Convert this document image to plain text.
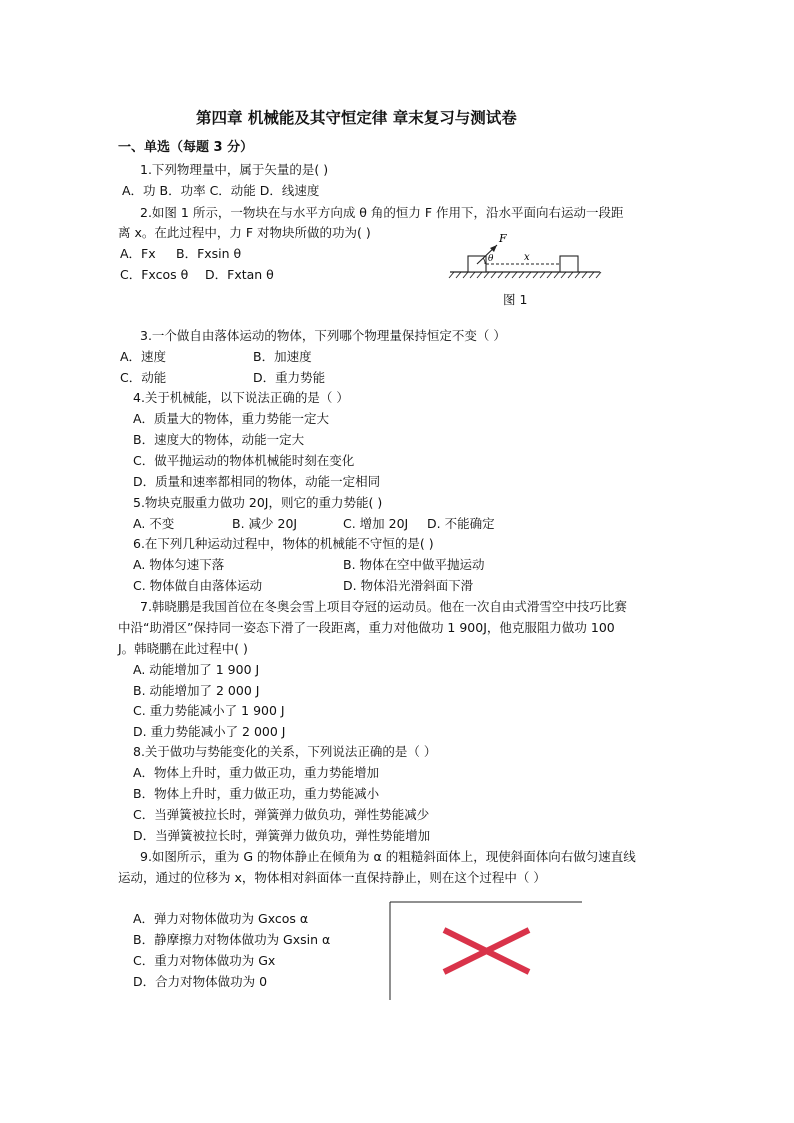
第四章 机械能及其守恒定律 章末复习与测试卷
一、单选（每题 3 分）
1.下列物理量中，属于矢量的是( )
A．功 B．功率 C．动能 D．线速度
2.如图 1 所示，一物块在与水平方向成 θ 角的恒力 F 作用下，沿水平面向右运动一段距
离 x。在此过程中，力 F 对物块所做的功为( )
A．Fx B．Fxsin θ
C．Fxcos θ D．Fxtan θ
F
θ	x
图 1
3.一个做自由落体运动的物体，下列哪个物理量保持恒定不变（ ）
A．速度	B．加速度
C．动能	D．重力势能
4.关于机械能，以下说法正确的是（ ）
A．质量大的物体，重力势能一定大
B．速度大的物体，动能一定大
C．做平抛运动的物体机械能时刻在变化
D．质量和速率都相同的物体，动能一定相同
5.物块克服重力做功 20J，则它的重力势能( )
A. 不变	B. 减少 20J	C. 增加 20J D. 不能确定
6.在下列几种运动过程中，物体的机械能不守恒的是( )
A. 物体匀速下落	B. 物体在空中做平抛运动
C. 物体做自由落体运动	D. 物体沿光滑斜面下滑
7.韩晓鹏是我国首位在冬奥会雪上项目夺冠的运动员。他在一次自由式滑雪空中技巧比赛
中沿“助滑区”保持同一姿态下滑了一段距离，重力对他做功 1 900J，他克服阻力做功 100
J。韩晓鹏在此过程中( )
A. 动能增加了 1 900 J
B. 动能增加了 2 000 J
C. 重力势能减小了 1 900 J
D. 重力势能减小了 2 000 J
8.关于做功与势能变化的关系，下列说法正确的是（ ）
A．物体上升时，重力做正功，重力势能增加
B．物体上升时，重力做正功，重力势能减小
C．当弹簧被拉长时，弹簧弹力做负功，弹性势能减少
D．当弹簧被拉长时，弹簧弹力做负功，弹性势能增加
9.如图所示，重为 G 的物体静止在倾角为 α 的粗糙斜面体上，现使斜面体向右做匀速直线
运动，通过的位移为 x，物体相对斜面体一直保持静止，则在这个过程中（ ）
A．弹力对物体做功为 Gxcos α
B．静摩擦力对物体做功为 Gxsin α
C．重力对物体做功为 Gx
D．合力对物体做功为 0
